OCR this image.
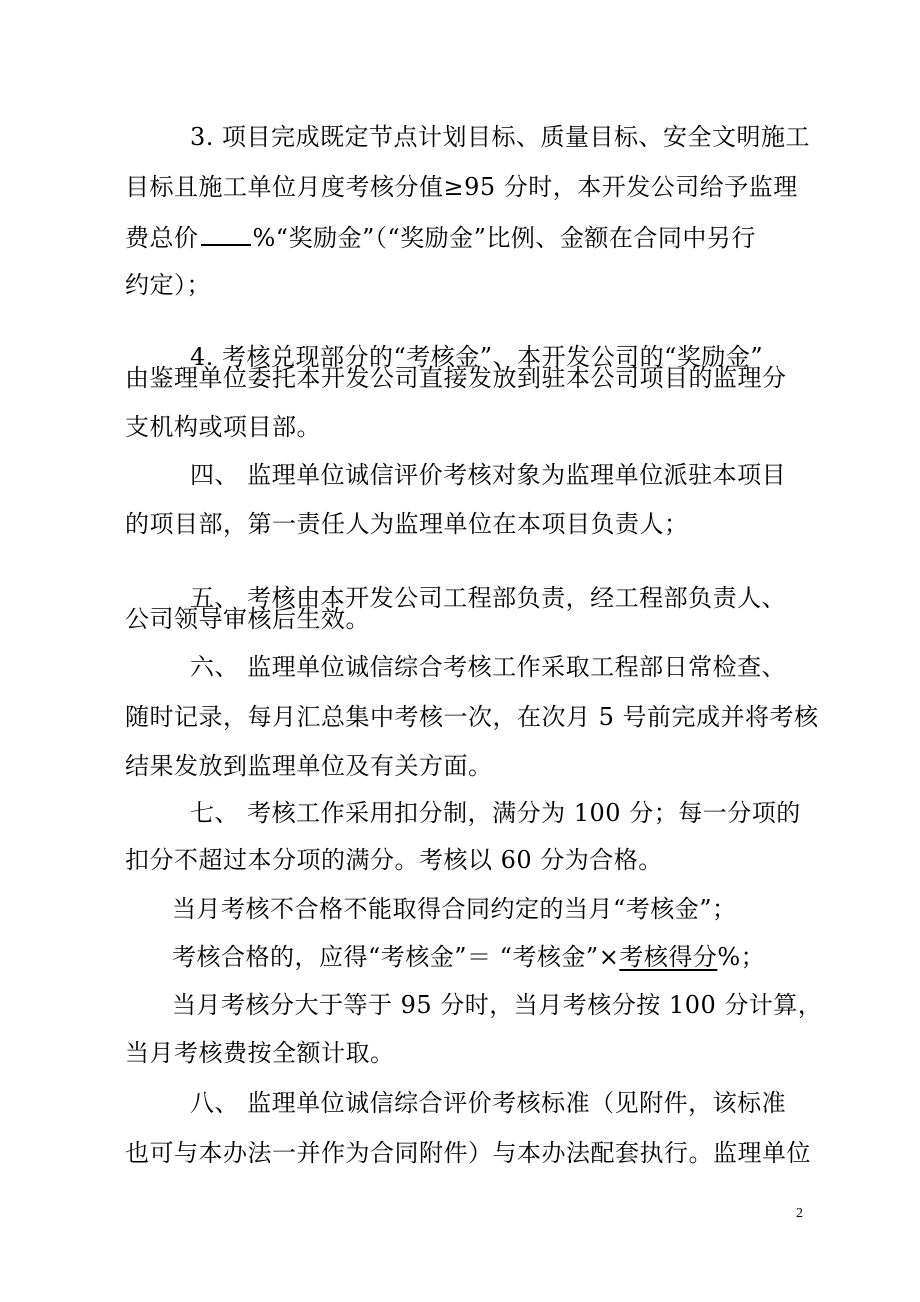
3. 项目完成既定节点计划目标、质量目标、安全文明施工
目标且施工单位月度考核分值≥95 分时，本开发公司给予监理
费总价 %“奖励金”（“奖励金”比例、金额在合同中另行
约定）；
4. 考核兑现部分的“考核金”、本开发公司的“奖励金”
由鉴理单位委托本开发公司直接发放到驻本公司项目的监理分
支机构或项目部。
四、 监理单位诚信评价考核对象为监理单位派驻本项目
的项目部，第一责任人为监理单位在本项目负责人；
五、 考核由本开发公司工程部负责，经工程部负责人、
公司领导审核后生效。
六、 监理单位诚信综合考核工作采取工程部日常检查、
随时记录，每月汇总集中考核一次，在次月 5 号前完成并将考核
结果发放到监理单位及有关方面。
七、 考核工作采用扣分制，满分为 100 分；每一分项的
扣分不超过本分项的满分。考核以 60 分为合格。
当月考核不合格不能取得合同约定的当月“考核金”；
考核合格的，应得“考核金”＝ “考核金”×考核得分%；
当月考核分大于等于 95 分时，当月考核分按 100 分计算，
当月考核费按全额计取。
八、 监理单位诚信综合评价考核标准（见附件，该标准
也可与本办法一并作为合同附件）与本办法配套执行。监理单位
2
